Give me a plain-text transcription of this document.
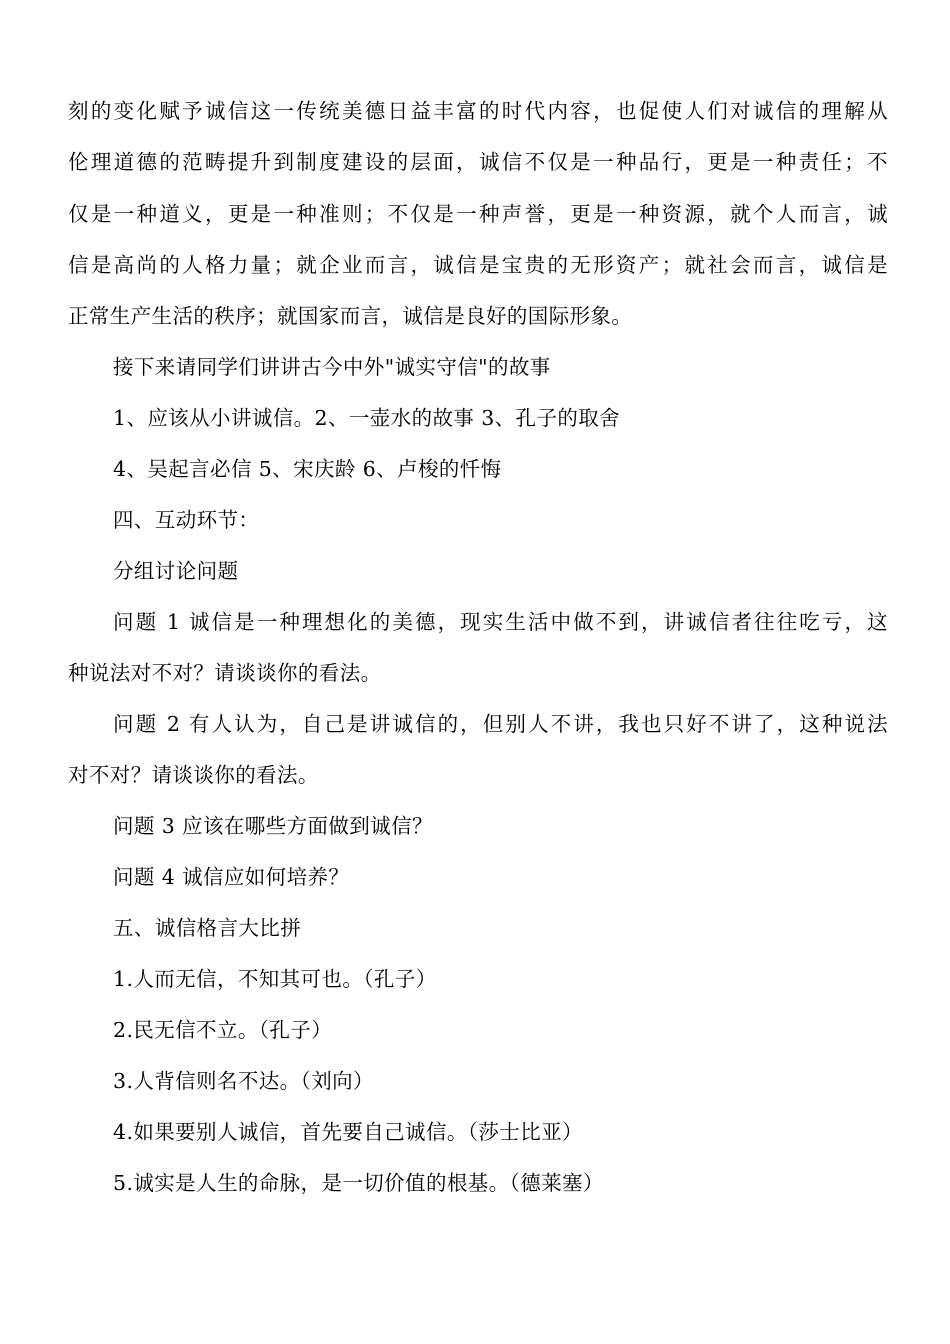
刻的变化赋予诚信这一传统美德日益丰富的时代内容，也促使人们对诚信的理解从
伦理道德的范畴提升到制度建设的层面，诚信不仅是一种品行，更是一种责任；不
仅是一种道义，更是一种准则；不仅是一种声誉，更是一种资源，就个人而言，诚
信是高尚的人格力量；就企业而言，诚信是宝贵的无形资产；就社会而言，诚信是
正常生产生活的秩序；就国家而言，诚信是良好的国际形象。
接下来请同学们讲讲古今中外"诚实守信"的故事
1、应该从小讲诚信。2、一壶水的故事 3、孔子的取舍
4、吴起言必信 5、宋庆龄 6、卢梭的忏悔
四、互动环节：
分组讨论问题
问题 1 诚信是一种理想化的美德，现实生活中做不到，讲诚信者往往吃亏，这
种说法对不对？请谈谈你的看法。
问题 2 有人认为，自己是讲诚信的，但别人不讲，我也只好不讲了，这种说法
对不对？请谈谈你的看法。
问题 3 应该在哪些方面做到诚信？
问题 4 诚信应如何培养？
五、诚信格言大比拼
1.人而无信，不知其可也。（孔子）
2.民无信不立。（孔子）
3.人背信则名不达。（刘向）
4.如果要别人诚信，首先要自己诚信。（莎士比亚）
5.诚实是人生的命脉，是一切价值的根基。（德莱塞）
